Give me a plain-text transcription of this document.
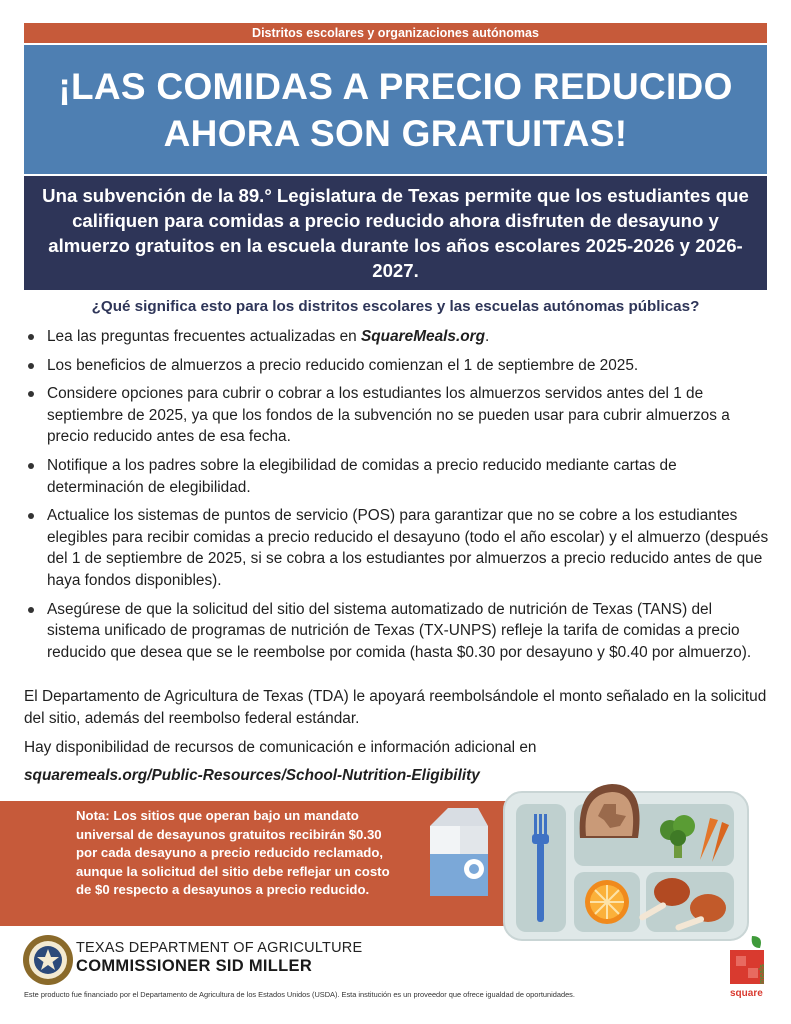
Distritos escolares y organizaciones autónomas
¡LAS COMIDAS A PRECIO REDUCIDO
AHORA SON GRATUITAS!
Una subvención de la 89.° Legislatura de Texas permite que los estudiantes que califiquen para comidas a precio reducido ahora disfruten de desayuno y almuerzo gratuitos en la escuela durante los años escolares 2025-2026 y 2026-2027.
¿Qué significa esto para los distritos escolares y las escuelas autónomas públicas?
Lea las preguntas frecuentes actualizadas en SquareMeals.org.
Los beneficios de almuerzos a precio reducido comienzan el 1 de septiembre de 2025.
Considere opciones para cubrir o cobrar a los estudiantes los almuerzos servidos antes del 1 de septiembre de 2025, ya que los fondos de la subvención no se pueden usar para cubrir almuerzos a precio reducido antes de esa fecha.
Notifique a los padres sobre la elegibilidad de comidas a precio reducido mediante cartas de determinación de elegibilidad.
Actualice los sistemas de puntos de servicio (POS) para garantizar que no se cobre a los estudiantes elegibles para recibir comidas a precio reducido el desayuno (todo el año escolar) y el almuerzo (después del 1 de septiembre de 2025, si se cobra a los estudiantes por almuerzos a precio reducido antes de que haya fondos disponibles).
Asegúrese de que la solicitud del sitio del sistema automatizado de nutrición de Texas (TANS) del sistema unificado de programas de nutrición de Texas (TX-UNPS) refleje la tarifa de comidas a precio reducido que desea que se le reembolse por comida (hasta $0.30 por desayuno y $0.40 por almuerzo).
El Departamento de Agricultura de Texas (TDA) le apoyará reembolsándole el monto señalado en la solicitud del sitio, además del reembolso federal estándar.
Hay disponibilidad de recursos de comunicación e información adicional en
squaremeals.org/Public-Resources/School-Nutrition-Eligibility
Nota: Los sitios que operan bajo un mandato universal de desayunos gratuitos recibirán $0.30 por cada desayuno a precio reducido reclamado, aunque la solicitud del sitio debe reflejar un costo de $0 respecto a desayunos a precio reducido.
TEXAS DEPARTMENT OF AGRICULTURE
COMMISSIONER SID MILLER
Este producto fue financiado por el Departamento de Agricultura de los Estados Unidos (USDA). Esta institución es un proveedor que ofrece igualdad de oportunidades.	square
meals
